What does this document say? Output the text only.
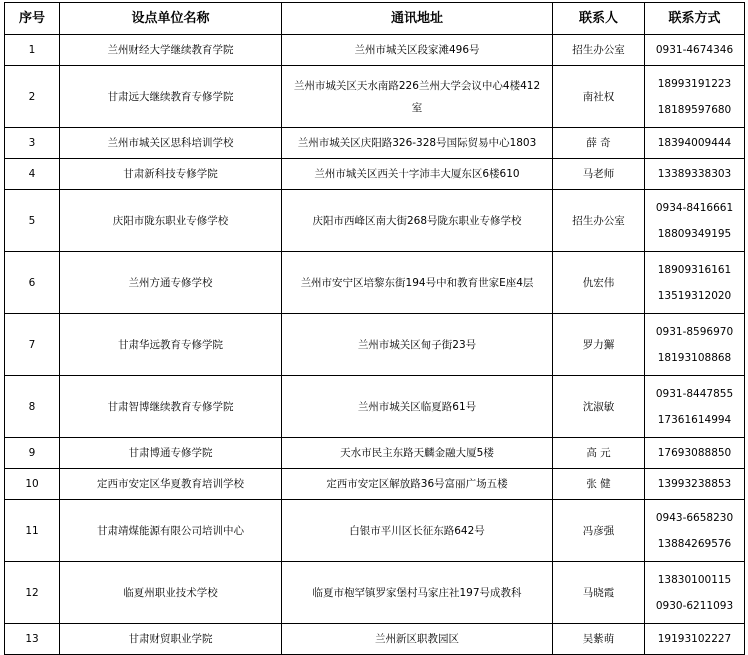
序号	设点单位名称	通讯地址	联系人	联系方式
1	兰州财经大学继续教育学院	兰州市城关区段家滩496号	招生办公室	0931-4674346

2	甘肃远大继续教育专修学院	兰州市城关区天水南路226兰州大学会议中心4楼412室	南社权	18993191223
18189597680

3	兰州市城关区思科培训学校	兰州市城关区庆阳路326-328号国际贸易中心1803	薛 奇	18394009444

4	甘肃新科技专修学院	兰州市城关区西关十字沛丰大厦东区6楼610	马老师	13389338303

5	庆阳市陇东职业专修学校	庆阳市西峰区南大街268号陇东职业专修学校	招生办公室	0934-8416661
18809349195

6	兰州方通专修学校	兰州市安宁区培黎东街194号中和教育世家E座4层	仇宏伟	18909316161
13519312020

7	甘肃华远教育专修学院	兰州市城关区甸子街23号	罗力獬	0931-8596970
18193108868

8	甘肃智博继续教育专修学院	兰州市城关区临夏路61号	沈淑敏	0931-8447855
17361614994

9	甘肃博通专修学院	天水市民主东路天麟金融大厦5楼	高 元	17693088850

10	定西市安定区华夏教育培训学校	定西市安定区解放路36号富丽广场五楼	张 健	13993238853

11	甘肃靖煤能源有限公司培训中心	白银市平川区长征东路642号	冯彦强	0943-6658230
13884269576

12	临夏州职业技术学校	临夏市枹罕镇罗家堡村马家庄社197号成教科	马晓霞	13830100115
0930-6211093

13	甘肃财贸职业学院	兰州新区职教园区	吴紫萌	19193102227
